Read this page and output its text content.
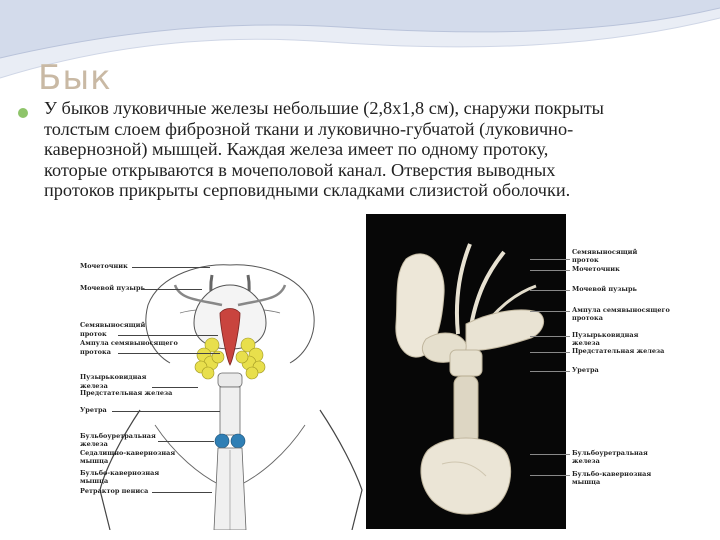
Бык
У быков луковичные железы небольшие (2,8х1,8 см), снаружи покрыты
толстым слоем фиброзной ткани и луковично-губчатой (луковично-
кавернозной) мышцей. Каждая железа имеет по одному протоку,
которые открываются в мочеполовой канал. Отверстия выводных
протоков прикрыты серповидными складками слизистой оболочки.
Мочеточник
Мочевой пузырь
Семявыносящий
проток
Ампула семявыносящего
протока
Пузырьковидная
железа
Предстательная железа
Уретра
Бульбоуретральная
железа
Седалищно-кавернозная
мышца
Бульбо-кавернозная
мышца
Ретрактор пениса
Семявыносящий
проток
Мочеточник
Мочевой пузырь
Ампула семявыносящего
протока
Пузырьковидная
железа
Предстательная железа
Уретра
Бульбоуретральная
железа
Бульбо-кавернозная
мышца
